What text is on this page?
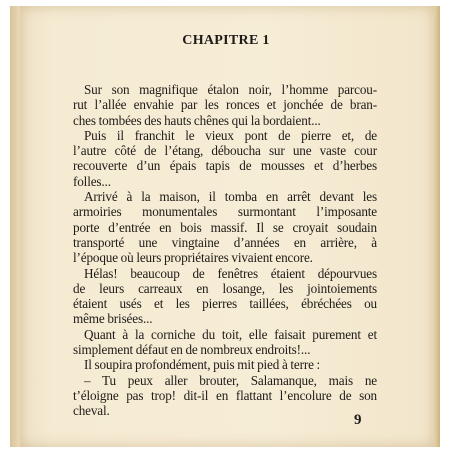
CHAPITRE 1
Sur son magnifique étalon noir, l’homme parcou-
rut l’allée envahie par les ronces et jonchée de bran-
ches tombées des hauts chênes qui la bordaient...
Puis il franchit le vieux pont de pierre et, de
l’autre côté de l’étang, déboucha sur une vaste cour
recouverte d’un épais tapis de mousses et d’herbes
folles...
Arrivé à la maison, il tomba en arrêt devant les
armoiries monumentales surmontant l’imposante
porte d’entrée en bois massif. Il se croyait soudain
transporté une vingtaine d’années en arrière, à
l’époque où leurs propriétaires vivaient encore.
Hélas! beaucoup de fenêtres étaient dépourvues
de leurs carreaux en losange, les jointoiements
étaient usés et les pierres taillées, ébréchées ou
même brisées...
Quant à la corniche du toit, elle faisait purement et
simplement défaut en de nombreux endroits!...
Il soupira profondément, puis mit pied à terre :
– Tu peux aller brouter, Salamanque, mais ne
t’éloigne pas trop! dit-il en flattant l’encolure de son
cheval.
9
